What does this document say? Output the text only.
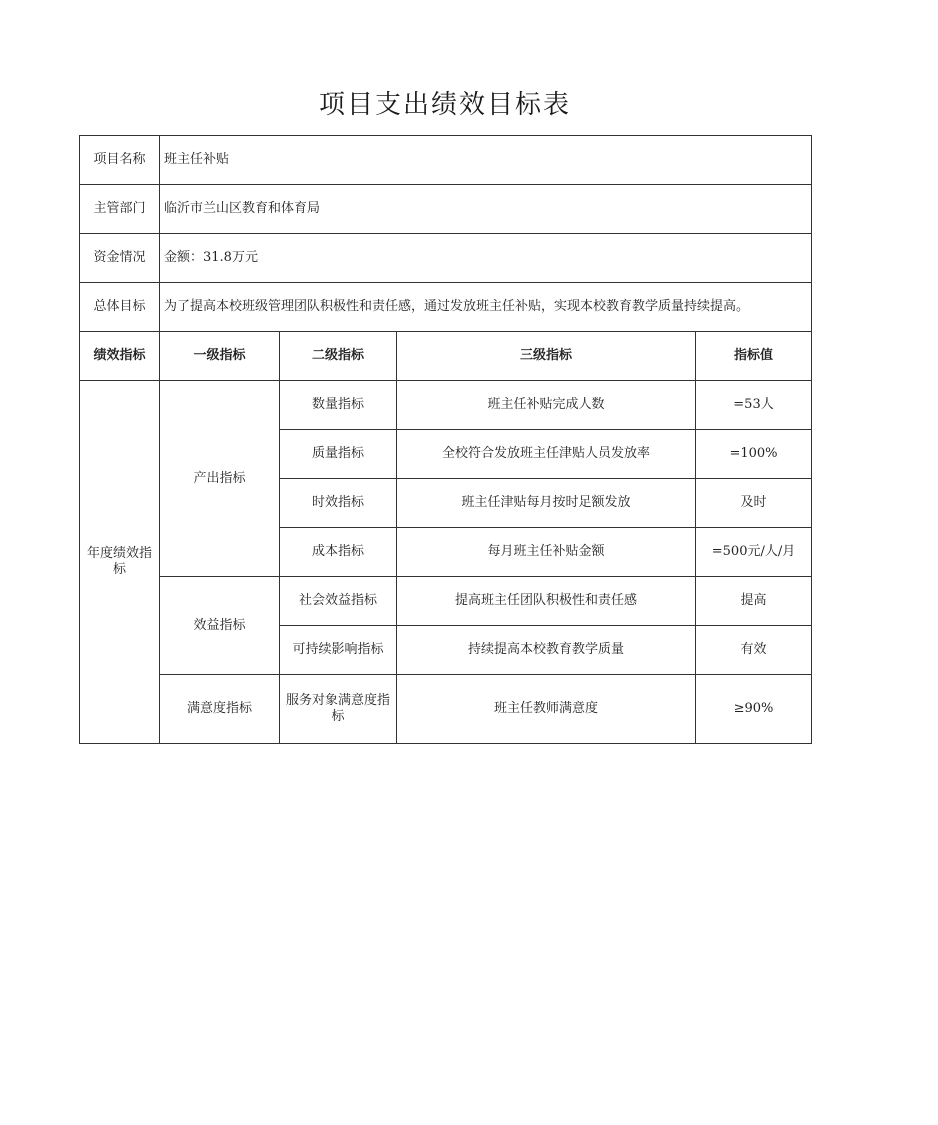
项目支出绩效目标表
项目名称	班主任补贴			
主管部门	临沂市兰山区教育和体育局			
资金情况	金额：31.8万元			
总体目标	为了提高本校班级管理团队积极性和责任感，通过发放班主任补贴，实现本校教育教学质量持续提高。			
绩效指标	一级指标	二级指标	三级指标	指标值
年度绩效指标	产出指标	数量指标	班主任补贴完成人数	=53人
		质量指标	全校符合发放班主任津贴人员发放率	=100%
		时效指标	班主任津贴每月按时足额发放	及时
		成本指标	每月班主任补贴金额	=500元/人/月
	效益指标	社会效益指标	提高班主任团队积极性和责任感	提高
		可持续影响指标	持续提高本校教育教学质量	有效
	满意度指标	服务对象满意度指标	班主任教师满意度	≥90%
